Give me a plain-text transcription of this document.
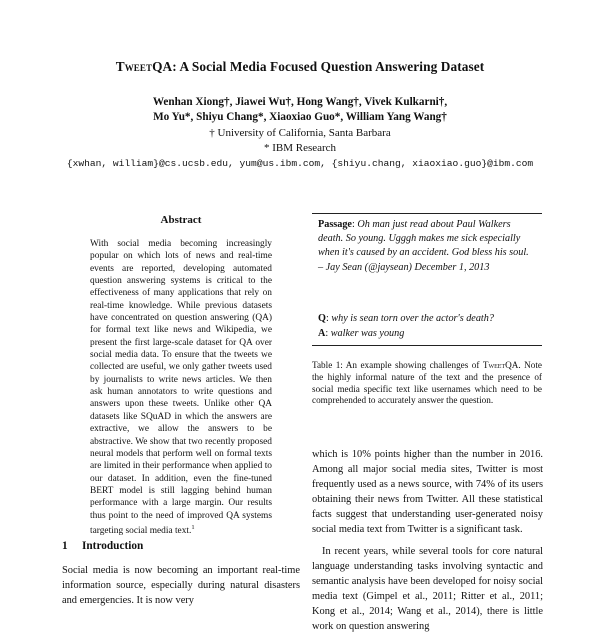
TweetQA: A Social Media Focused Question Answering Dataset
Wenhan Xiong†, Jiawei Wu†, Hong Wang†, Vivek Kulkarni†,
Mo Yu*, Shiyu Chang*, Xiaoxiao Guo*, William Yang Wang†
† University of California, Santa Barbara
* IBM Research
{xwhan, william}@cs.ucsb.edu, yum@us.ibm.com, {shiyu.chang, xiaoxiao.guo}@ibm.com
Abstract

With social media becoming increasingly popular on which lots of news and real-time events are reported, developing automated question answering systems is critical to the effectiveness of many applications that rely on real-time knowledge. While previous datasets have concentrated on question answering (QA) for formal text like news and Wikipedia, we present the first large-scale dataset for QA over social media data. To ensure that the tweets we collected are useful, we only gather tweets used by journalists to write news articles. We then ask human annotators to write questions and answers upon these tweets. Unlike other QA datasets like SQuAD in which the answers are extractive, we allow the answers to be abstractive. We show that two recently proposed neural models that perform well on formal texts are limited in their performance when applied to our dataset. In addition, even the fine-tuned BERT model is still lagging behind human performance with a large margin. Our results thus point to the need of improved QA systems targeting social media text.$^1$

1 Introduction

Social media is now becoming an important real-time information source, especially during natural disasters and emergencies. It is now very

Passage: Oh man just read about Paul Walkers death. So young. Ugggh makes me sick especially when it's caused by an accident. God bless his soul. – Jay Sean (@jaysean) December 1, 2013
Q: why is sean torn over the actor's death?
A: walker was young
Table 1: An example showing challenges of TweetQA. Note the highly informal nature of the text and the presence of social media specific text like usernames which need to be comprehended to accurately answer the question.

which is 10% points higher than the number in 2016. Among all major social media sites, Twitter is most frequently used as a news source, with 74% of its users obtaining their news from Twitter. All these statistical facts suggest that understanding user-generated noisy social media text from Twitter is a significant task.

In recent years, while several tools for core natural language understanding tasks involving syntactic and semantic analysis have been developed for noisy social media text (Gimpel et al., 2011; Ritter et al., 2011; Kong et al., 2014; Wang et al., 2014), there is little work on question answering
